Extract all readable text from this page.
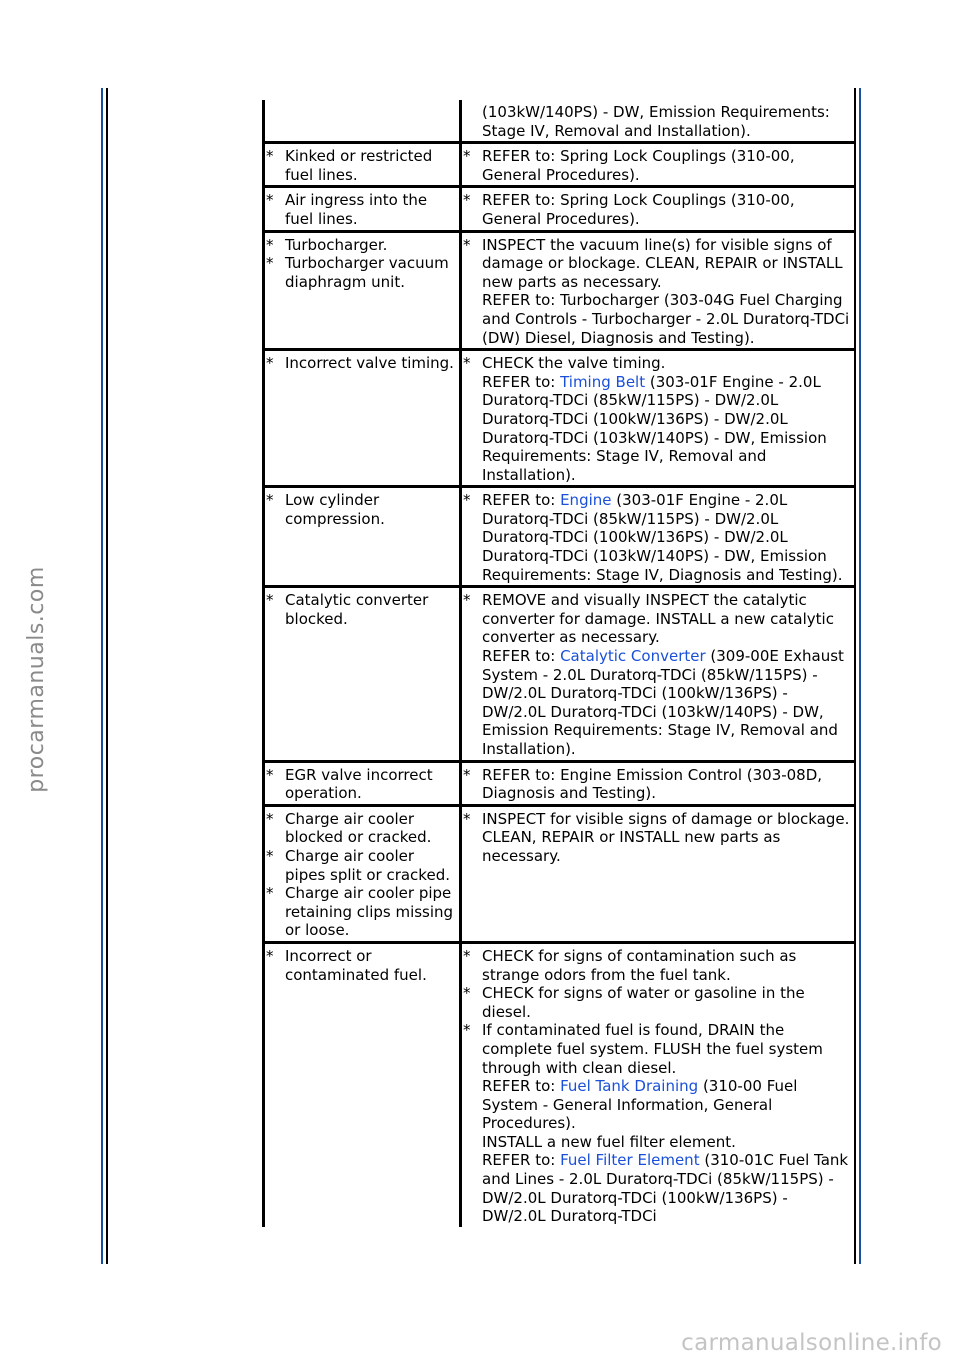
procarmanuals.com
(103kW/140PS) - DW, Emission Requirements: Stage IV, Removal and Installation).
* Kinked or restricted fuel lines.
* REFER to: Spring Lock Couplings (310-00, General Procedures).
* Air ingress into the fuel lines.
* REFER to: Spring Lock Couplings (310-00, General Procedures).
* Turbocharger.
* Turbocharger vacuum diaphragm unit.
* INSPECT the vacuum line(s) for visible signs of damage or blockage. CLEAN, REPAIR or INSTALL new parts as necessary.
REFER to: Turbocharger (303-04G Fuel Charging and Controls - Turbocharger - 2.0L Duratorq-TDCi (DW) Diesel, Diagnosis and Testing).
* Incorrect valve timing. * CHECK the valve timing.
REFER to: Timing Belt (303-01F Engine - 2.0L Duratorq-TDCi (85kW/115PS) - DW/2.0L Duratorq-TDCi (100kW/136PS) - DW/2.0L Duratorq-TDCi (103kW/140PS) - DW, Emission Requirements: Stage IV, Removal and Installation).
* Low cylinder compression.
* REFER to: Engine (303-01F Engine - 2.0L Duratorq-TDCi (85kW/115PS) - DW/2.0L Duratorq-TDCi (100kW/136PS) - DW/2.0L Duratorq-TDCi (103kW/140PS) - DW, Emission Requirements: Stage IV, Diagnosis and Testing).
* Catalytic converter blocked.
* REMOVE and visually INSPECT the catalytic converter for damage. INSTALL a new catalytic converter as necessary.
REFER to: Catalytic Converter (309-00E Exhaust System - 2.0L Duratorq-TDCi (85kW/115PS) - DW/2.0L Duratorq-TDCi (100kW/136PS) - DW/2.0L Duratorq-TDCi (103kW/140PS) - DW, Emission Requirements: Stage IV, Removal and Installation).
* EGR valve incorrect operation.
* REFER to: Engine Emission Control (303-08D, Diagnosis and Testing).
* Charge air cooler blocked or cracked.
* Charge air cooler pipes split or cracked.
* Charge air cooler pipe retaining clips missing or loose.
* INSPECT for visible signs of damage or blockage. CLEAN, REPAIR or INSTALL new parts as necessary.
* Incorrect or contaminated fuel.
* CHECK for signs of contamination such as strange odors from the fuel tank.
* CHECK for signs of water or gasoline in the diesel.
* If contaminated fuel is found, DRAIN the complete fuel system. FLUSH the fuel system through with clean diesel.
REFER to: Fuel Tank Draining (310-00 Fuel System - General Information, General Procedures).
INSTALL a new fuel filter element.
REFER to: Fuel Filter Element (310-01C Fuel Tank and Lines - 2.0L Duratorq-TDCi (85kW/115PS) - DW/2.0L Duratorq-TDCi (100kW/136PS) - DW/2.0L Duratorq-TDCi
carmanualsonline.info
